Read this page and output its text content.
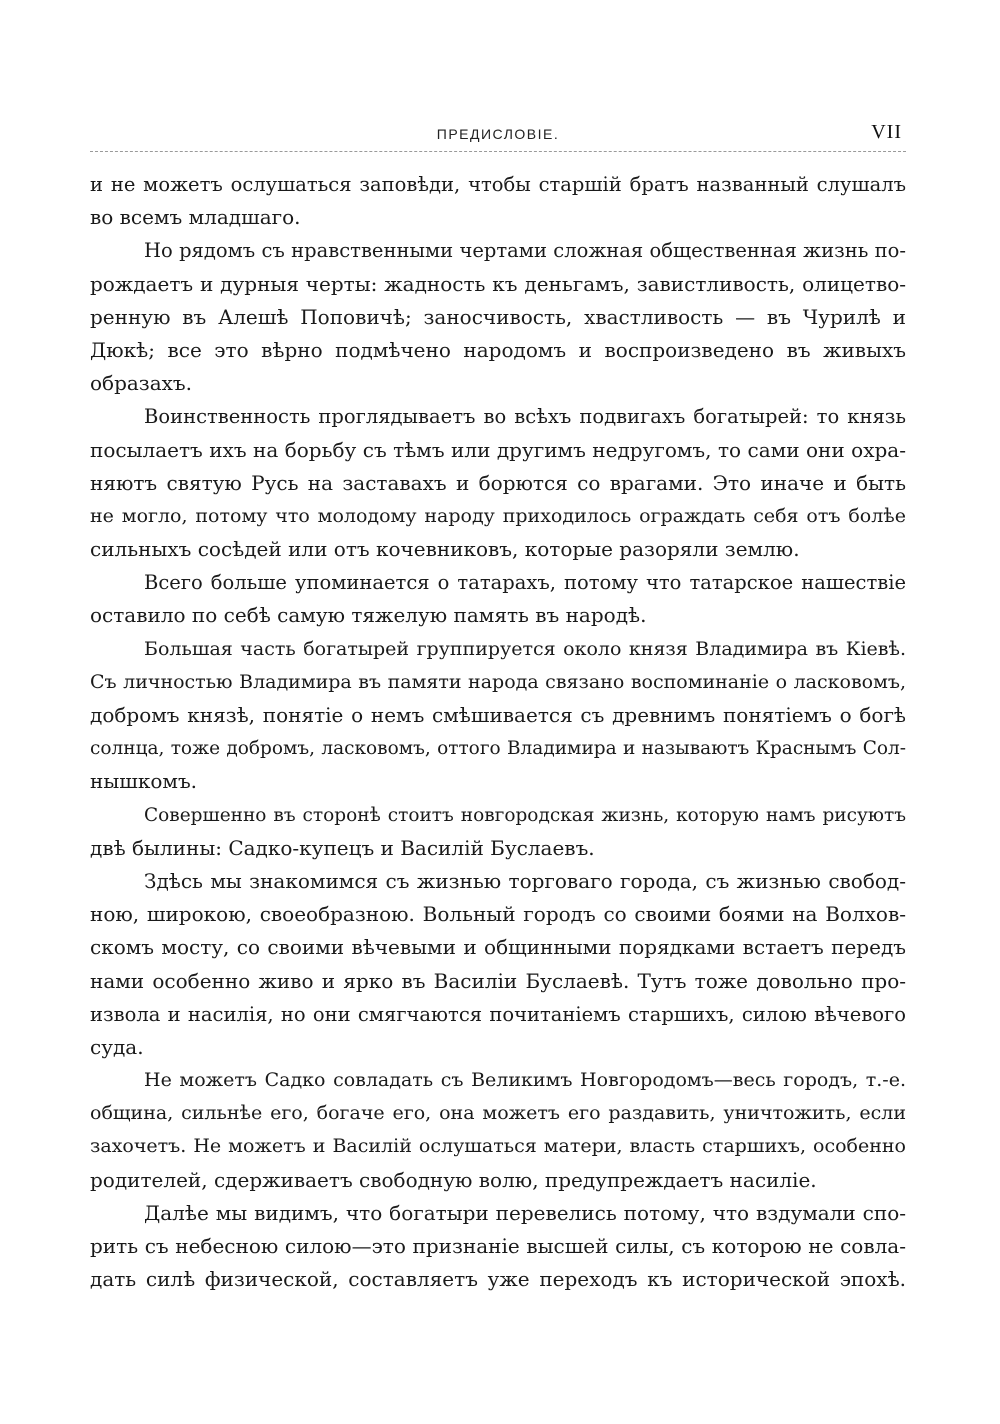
ПРЕДИСЛОВІЕ.	VII
и не можетъ ослушаться заповѣди, чтобы старшій братъ названный слушалъ
во всемъ младшаго.
Но рядомъ съ нравственными чертами сложная общественная жизнь по-
рождаетъ и дурныя черты: жадность къ деньгамъ, завистливость, олицетво-
ренную въ Алешѣ Поповичѣ; заносчивость, хвастливость — въ Чурилѣ и
Дюкѣ; все это вѣрно подмѣчено народомъ и воспроизведено въ живыхъ
образахъ.
Воинственность проглядываетъ во всѣхъ подвигахъ богатырей: то князь
посылаетъ ихъ на борьбу съ тѣмъ или другимъ недругомъ, то сами они охра-
няютъ святую Русь на заставахъ и борются со врагами. Это иначе и быть
не могло, потому что молодому народу приходилось ограждать себя отъ болѣе
сильныхъ сосѣдей или отъ кочевниковъ, которые разоряли землю.
Всего больше упоминается о татарахъ, потому что татарское нашествіе
оставило по себѣ самую тяжелую память въ народѣ.
Большая часть богатырей группируется около князя Владимира въ Кіевѣ.
Съ личностью Владимира въ памяти народа связано воспоминаніе о ласковомъ,
добромъ князѣ, понятіе о немъ смѣшивается съ древнимъ понятіемъ о богѣ
солнца, тоже добромъ, ласковомъ, оттого Владимира и называютъ Краснымъ Сол-
нышкомъ.
Совершенно въ сторонѣ стоитъ новгородская жизнь, которую намъ рисуютъ
двѣ былины: Садко-купецъ и Василій Буслаевъ.
Здѣсь мы знакомимся съ жизнью торговаго города, съ жизнью свобод-
ною, широкою, своеобразною. Вольный городъ со своими боями на Волхов-
скомъ мосту, со своими вѣчевыми и общинными порядками встаетъ передъ
нами особенно живо и ярко въ Василіи Буслаевѣ. Тутъ тоже довольно про-
извола и насилія, но они смягчаются почитаніемъ старшихъ, силою вѣчевого
суда.
Не можетъ Садко совладать съ Великимъ Новгородомъ—весь городъ, т.-е.
община, сильнѣе его, богаче его, она можетъ его раздавить, уничтожить, если
захочетъ. Не можетъ и Василій ослушаться матери, власть старшихъ, особенно
родителей, сдерживаетъ свободную волю, предупреждаетъ насиліе.
Далѣе мы видимъ, что богатыри перевелись потому, что вздумали спо-
рить съ небесною силою—это признаніе высшей силы, съ которою не совла-
дать силѣ физической, составляетъ уже переходъ къ исторической эпохѣ.
